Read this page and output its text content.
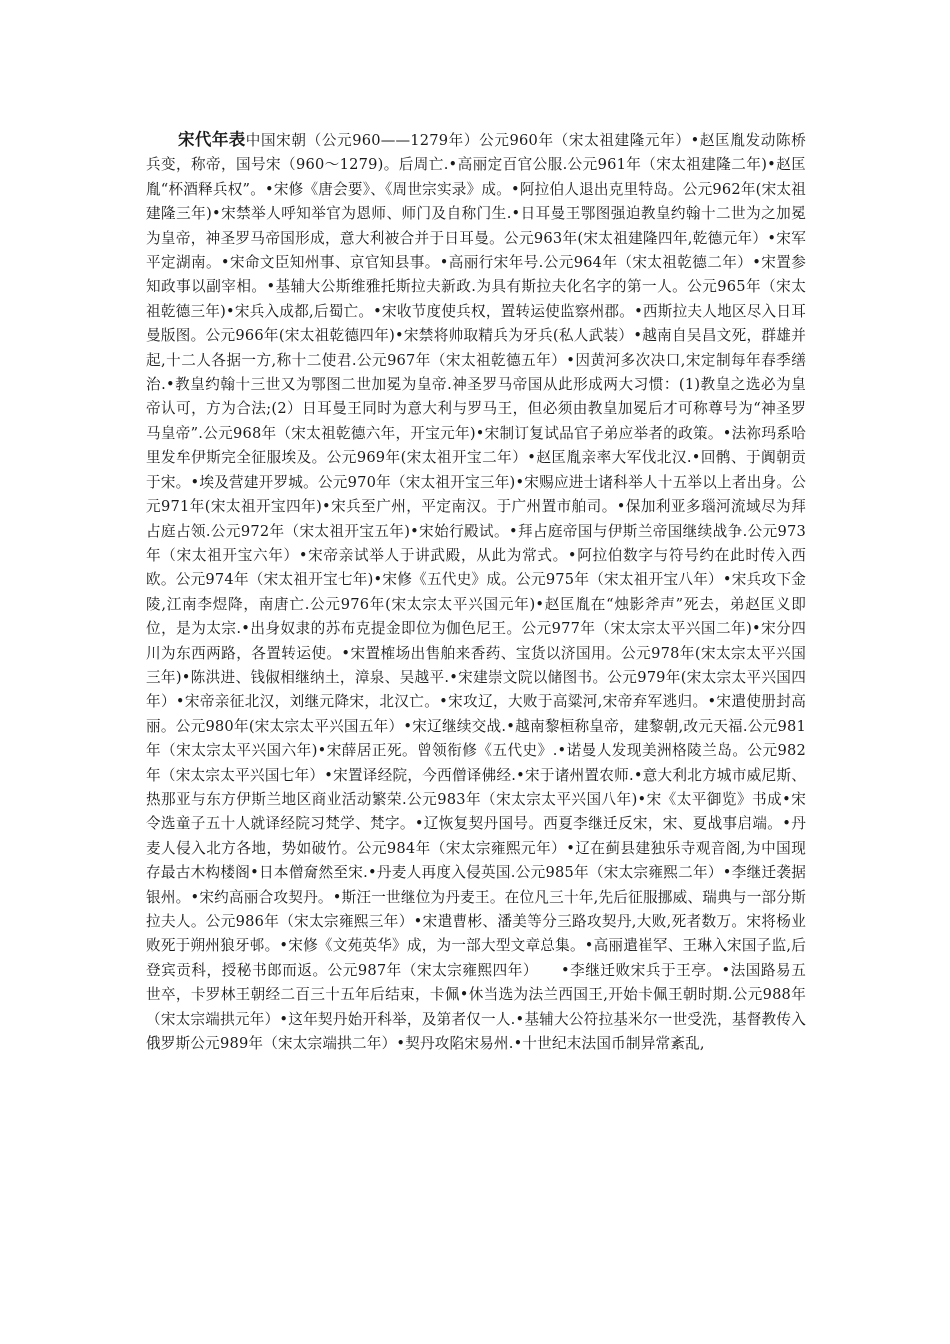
宋代年表中国宋朝（公元960——1279年）公元960年（宋太祖建隆元年）•赵匡胤发动陈桥兵变，称帝，国号宋（960～1279)。后周亡.•高丽定百官公服.公元961年（宋太祖建隆二年)•赵匡胤“杯酒释兵权”。•宋修《唐会要》、《周世宗实录》成。•阿拉伯人退出克里特岛。公元962年(宋太祖建隆三年)•宋禁举人呼知举官为恩师、师门及自称门生.•日耳曼王鄂图强迫教皇约翰十二世为之加冕为皇帝，神圣罗马帝国形成，意大利被合并于日耳曼。公元963年(宋太祖建隆四年,乾德元年）•宋军平定湖南。•宋命文臣知州事、京官知县事。•高丽行宋年号.公元964年（宋太祖乾德二年）•宋置参知政事以副宰相。•基辅大公斯维雅托斯拉夫新政.为具有斯拉夫化名字的第一人。公元965年（宋太祖乾德三年)•宋兵入成都,后蜀亡。•宋收节度使兵权，置转运使监察州郡。•西斯拉夫人地区尽入日耳曼版图。公元966年(宋太祖乾德四年)•宋禁将帅取精兵为牙兵(私人武装）•越南自吴昌文死，群雄并起,十二人各据一方,称十二使君.公元967年（宋太祖乾德五年）•因黄河多次决口,宋定制每年春季缮治.•教皇约翰十三世又为鄂图二世加冕为皇帝.神圣罗马帝国从此形成两大习惯：(1)教皇之选必为皇帝认可，方为合法;(2）日耳曼王同时为意大利与罗马王，但必须由教皇加冕后才可称尊号为“神圣罗马皇帝”.公元968年（宋太祖乾德六年，开宝元年)•宋制订复试品官子弟应举者的政策。•法祢玛系哈里发牟伊斯完全征服埃及。公元969年(宋太祖开宝二年）•赵匡胤亲率大军伐北汉.•回鹘、于阗朝贡于宋。•埃及营建开罗城。公元970年（宋太祖开宝三年)•宋赐应进士诸科举人十五举以上者出身。公元971年(宋太祖开宝四年)•宋兵至广州，平定南汉。于广州置市舶司。•保加利亚多瑙河流域尽为拜占庭占领.公元972年（宋太祖开宝五年)•宋始行殿试。•拜占庭帝国与伊斯兰帝国继续战争.公元973年（宋太祖开宝六年）•宋帝亲试举人于讲武殿，从此为常式。•阿拉伯数字与符号约在此时传入西欧。公元974年（宋太祖开宝七年)•宋修《五代史》成。公元975年（宋太祖开宝八年）•宋兵攻下金陵,江南李煜降，南唐亡.公元976年(宋太宗太平兴国元年)•赵匡胤在“烛影斧声”死去，弟赵匡义即位，是为太宗.•出身奴隶的苏布克提金即位为伽色尼王。公元977年（宋太宗太平兴国二年)•宋分四川为东西两路，各置转运使。•宋置榷场出售舶来香药、宝货以济国用。公元978年(宋太宗太平兴国三年)•陈洪进、钱俶相继纳土，漳泉、吴越平.•宋建崇文院以储图书。公元979年(宋太宗太平兴国四年）•宋帝亲征北汉，刘继元降宋，北汉亡。•宋攻辽，大败于高粱河,宋帝弃军逃归。•宋遣使册封高丽。公元980年(宋太宗太平兴国五年）•宋辽继续交战.•越南黎桓称皇帝，建黎朝,改元天福.公元981年（宋太宗太平兴国六年)•宋薛居正死。曾领衔修《五代史》.•诺曼人发现美洲格陵兰岛。公元982年（宋太宗太平兴国七年）•宋置译经院，今西僧译佛经.•宋于诸州置农师.•意大利北方城市威尼斯、热那亚与东方伊斯兰地区商业活动繁荣.公元983年（宋太宗太平兴国八年)•宋《太平御览》书成•宋令选童子五十人就译经院习梵学、梵字。•辽恢复契丹国号。西夏李继迁反宋，宋、夏战事启端。•丹麦人侵入北方各地，势如破竹。公元984年（宋太宗雍熙元年）•辽在蓟县建独乐寺观音阁,为中国现存最古木构楼阁•日本僧奝然至宋.•丹麦人再度入侵英国.公元985年（宋太宗雍熙二年）•李继迁袭据银州。•宋约高丽合攻契丹。•斯汪一世继位为丹麦王。在位凡三十年,先后征服挪威、瑞典与一部分斯拉夫人。公元986年（宋太宗雍熙三年）•宋遣曹彬、潘美等分三路攻契丹,大败,死者数万。宋将杨业败死于朔州狼牙邨。•宋修《文苑英华》成，为一部大型文章总集。•高丽遣崔罕、王琳入宋国子监,后登宾贡科，授秘书郎而返。公元987年（宋太宗雍熙四年）　　•李继迁败宋兵于王亭。•法国路易五世卒，卡罗林王朝经二百三十五年后结束，卡佩•休当选为法兰西国王,开始卡佩王朝时期.公元988年（宋太宗端拱元年）•这年契丹始开科举，及第者仅一人.•基辅大公符拉基米尔一世受洗，基督教传入俄罗斯公元989年（宋太宗端拱二年）•契丹攻陷宋易州.•十世纪末法国币制异常紊乱,
